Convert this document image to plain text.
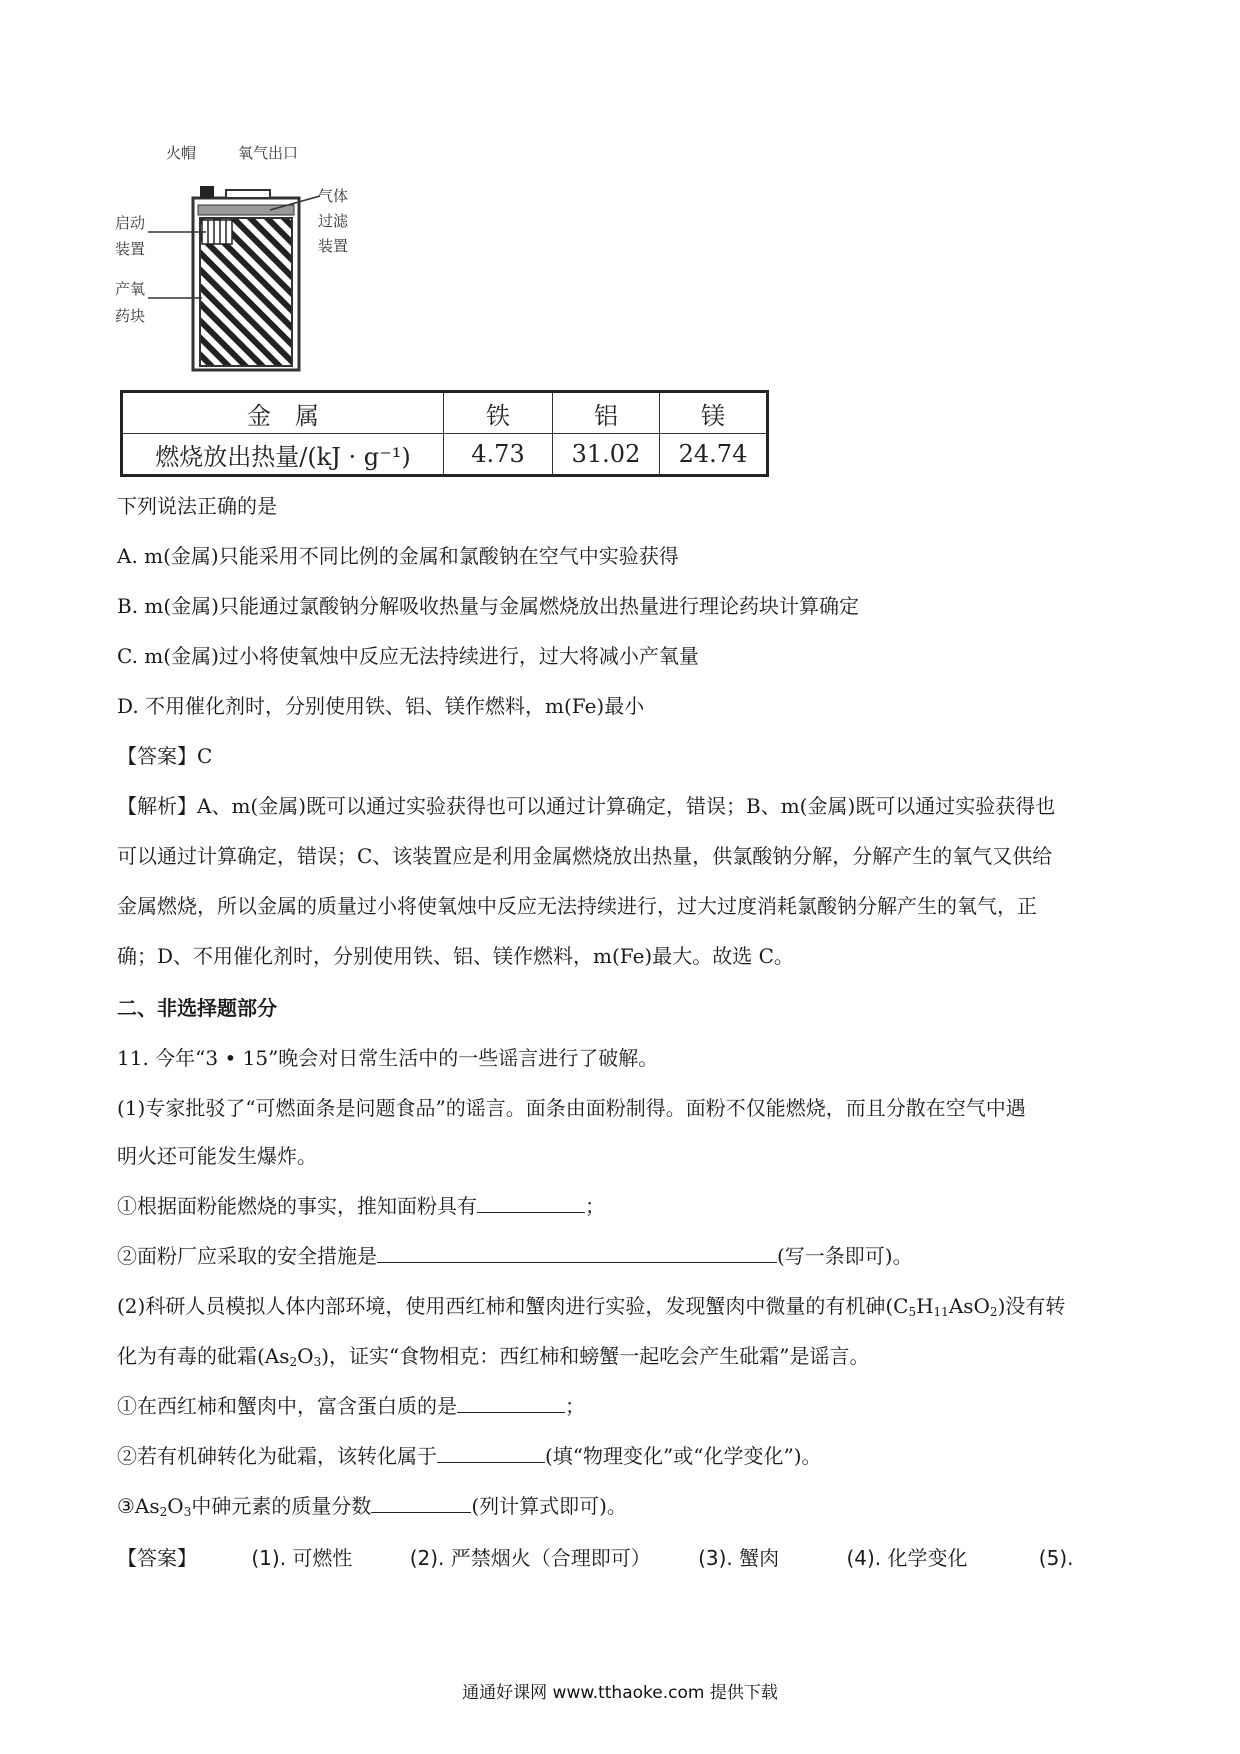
火帽	氧气出口
启动
装置
气体
过滤
装置
产氧
药块
金　属	铁	铝	镁
燃烧放出热量/(kJ · g⁻¹)	4.73	31.02	24.74
下列说法正确的是
A. m(金属)只能采用不同比例的金属和氯酸钠在空气中实验获得
B. m(金属)只能通过氯酸钠分解吸收热量与金属燃烧放出热量进行理论药块计算确定
C. m(金属)过小将使氧烛中反应无法持续进行，过大将减小产氧量
D. 不用催化剂时，分别使用铁、铝、镁作燃料，m(Fe)最小
【答案】C
【解析】A、m(金属)既可以通过实验获得也可以通过计算确定，错误；B、m(金属)既可以通过实验获得也
可以通过计算确定，错误；C、该装置应是利用金属燃烧放出热量，供氯酸钠分解，分解产生的氧气又供给
金属燃烧，所以金属的质量过小将使氧烛中反应无法持续进行，过大过度消耗氯酸钠分解产生的氧气，正
确；D、不用催化剂时，分别使用铁、铝、镁作燃料，m(Fe)最大。故选 C。
二、非选择题部分
11. 今年“3 • 15”晚会对日常生活中的一些谣言进行了破解。
(1)专家批驳了“可燃面条是问题食品”的谣言。面条由面粉制得。面粉不仅能燃烧，而且分散在空气中遇
明火还可能发生爆炸。
①根据面粉能燃烧的事实，推知面粉具有	；
②面粉厂应采取的安全措施是	(写一条即可)。
(2)科研人员模拟人体内部环境，使用西红柿和蟹肉进行实验，发现蟹肉中微量的有机砷$(C_5H_{11}AsO_2)$没有转
化为有毒的砒霜$(As_2O_3)$，证实“食物相克：西红柿和螃蟹一起吃会产生砒霜”是谣言。
①在西红柿和蟹肉中，富含蛋白质的是	；
②若有机砷转化为砒霜，该转化属于	(填“物理变化”或“化学变化”)。
$③As_2O_3$中砷元素的质量分数	(列计算式即可)。
【答案】	(1). 可燃性	(2). 严禁烟火（合理即可） (3). 蟹肉	(4). 化学变化	(5).
通通好课网 www.tthaoke.com 提供下载
